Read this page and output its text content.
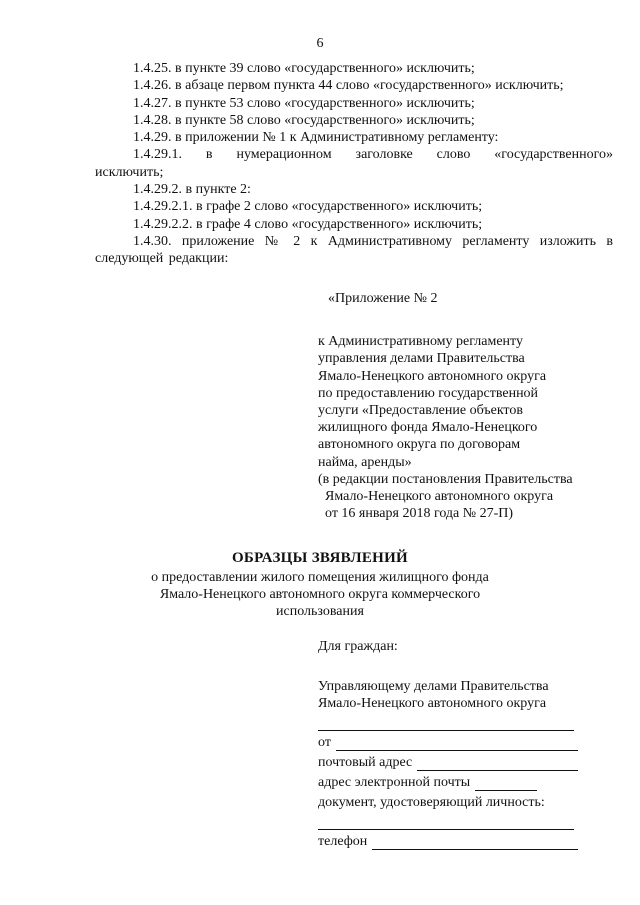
6

1.4.25. в пункте 39 слово «государственного» исключить;

1.4.26. в абзаце первом пункта 44 слово «государственного» исключить;

1.4.27. в пункте 53 слово «государственного» исключить;

1.4.28. в пункте 58 слово «государственного» исключить;

1.4.29. в приложении № 1 к Административному регламенту:

1.4.29.1. в нумерационном заголовке слово «государственного» исключить;

1.4.29.2. в пункте 2:

1.4.29.2.1. в графе 2 слово «государственного» исключить;

1.4.29.2.2. в графе 4 слово «государственного» исключить;

1.4.30. приложение № 2 к Административному регламенту изложить в следующей редакции:

«Приложение № 2

к Административному регламенту

управления делами Правительства

Ямало-Ненецкого автономного округа

по предоставлению государственной

услуги «Предоставление объектов

жилищного фонда Ямало-Ненецкого

автономного округа по договорам

найма, аренды»

(в редакции постановления Правительства

Ямало-Ненецкого автономного округа

от 16 января 2018 года № 27-П)

ОБРАЗЦЫ ЗВЯВЛЕНИЙ

о предоставлении жилого помещения жилищного фонда

Ямало-Ненецкого автономного округа коммерческого

использования

Для граждан:

Управляющему делами Правительства

Ямало-Ненецкого автономного округа

от
почтовый адрес
адрес электронной почты
документ, удостоверяющий личность:
телефон
